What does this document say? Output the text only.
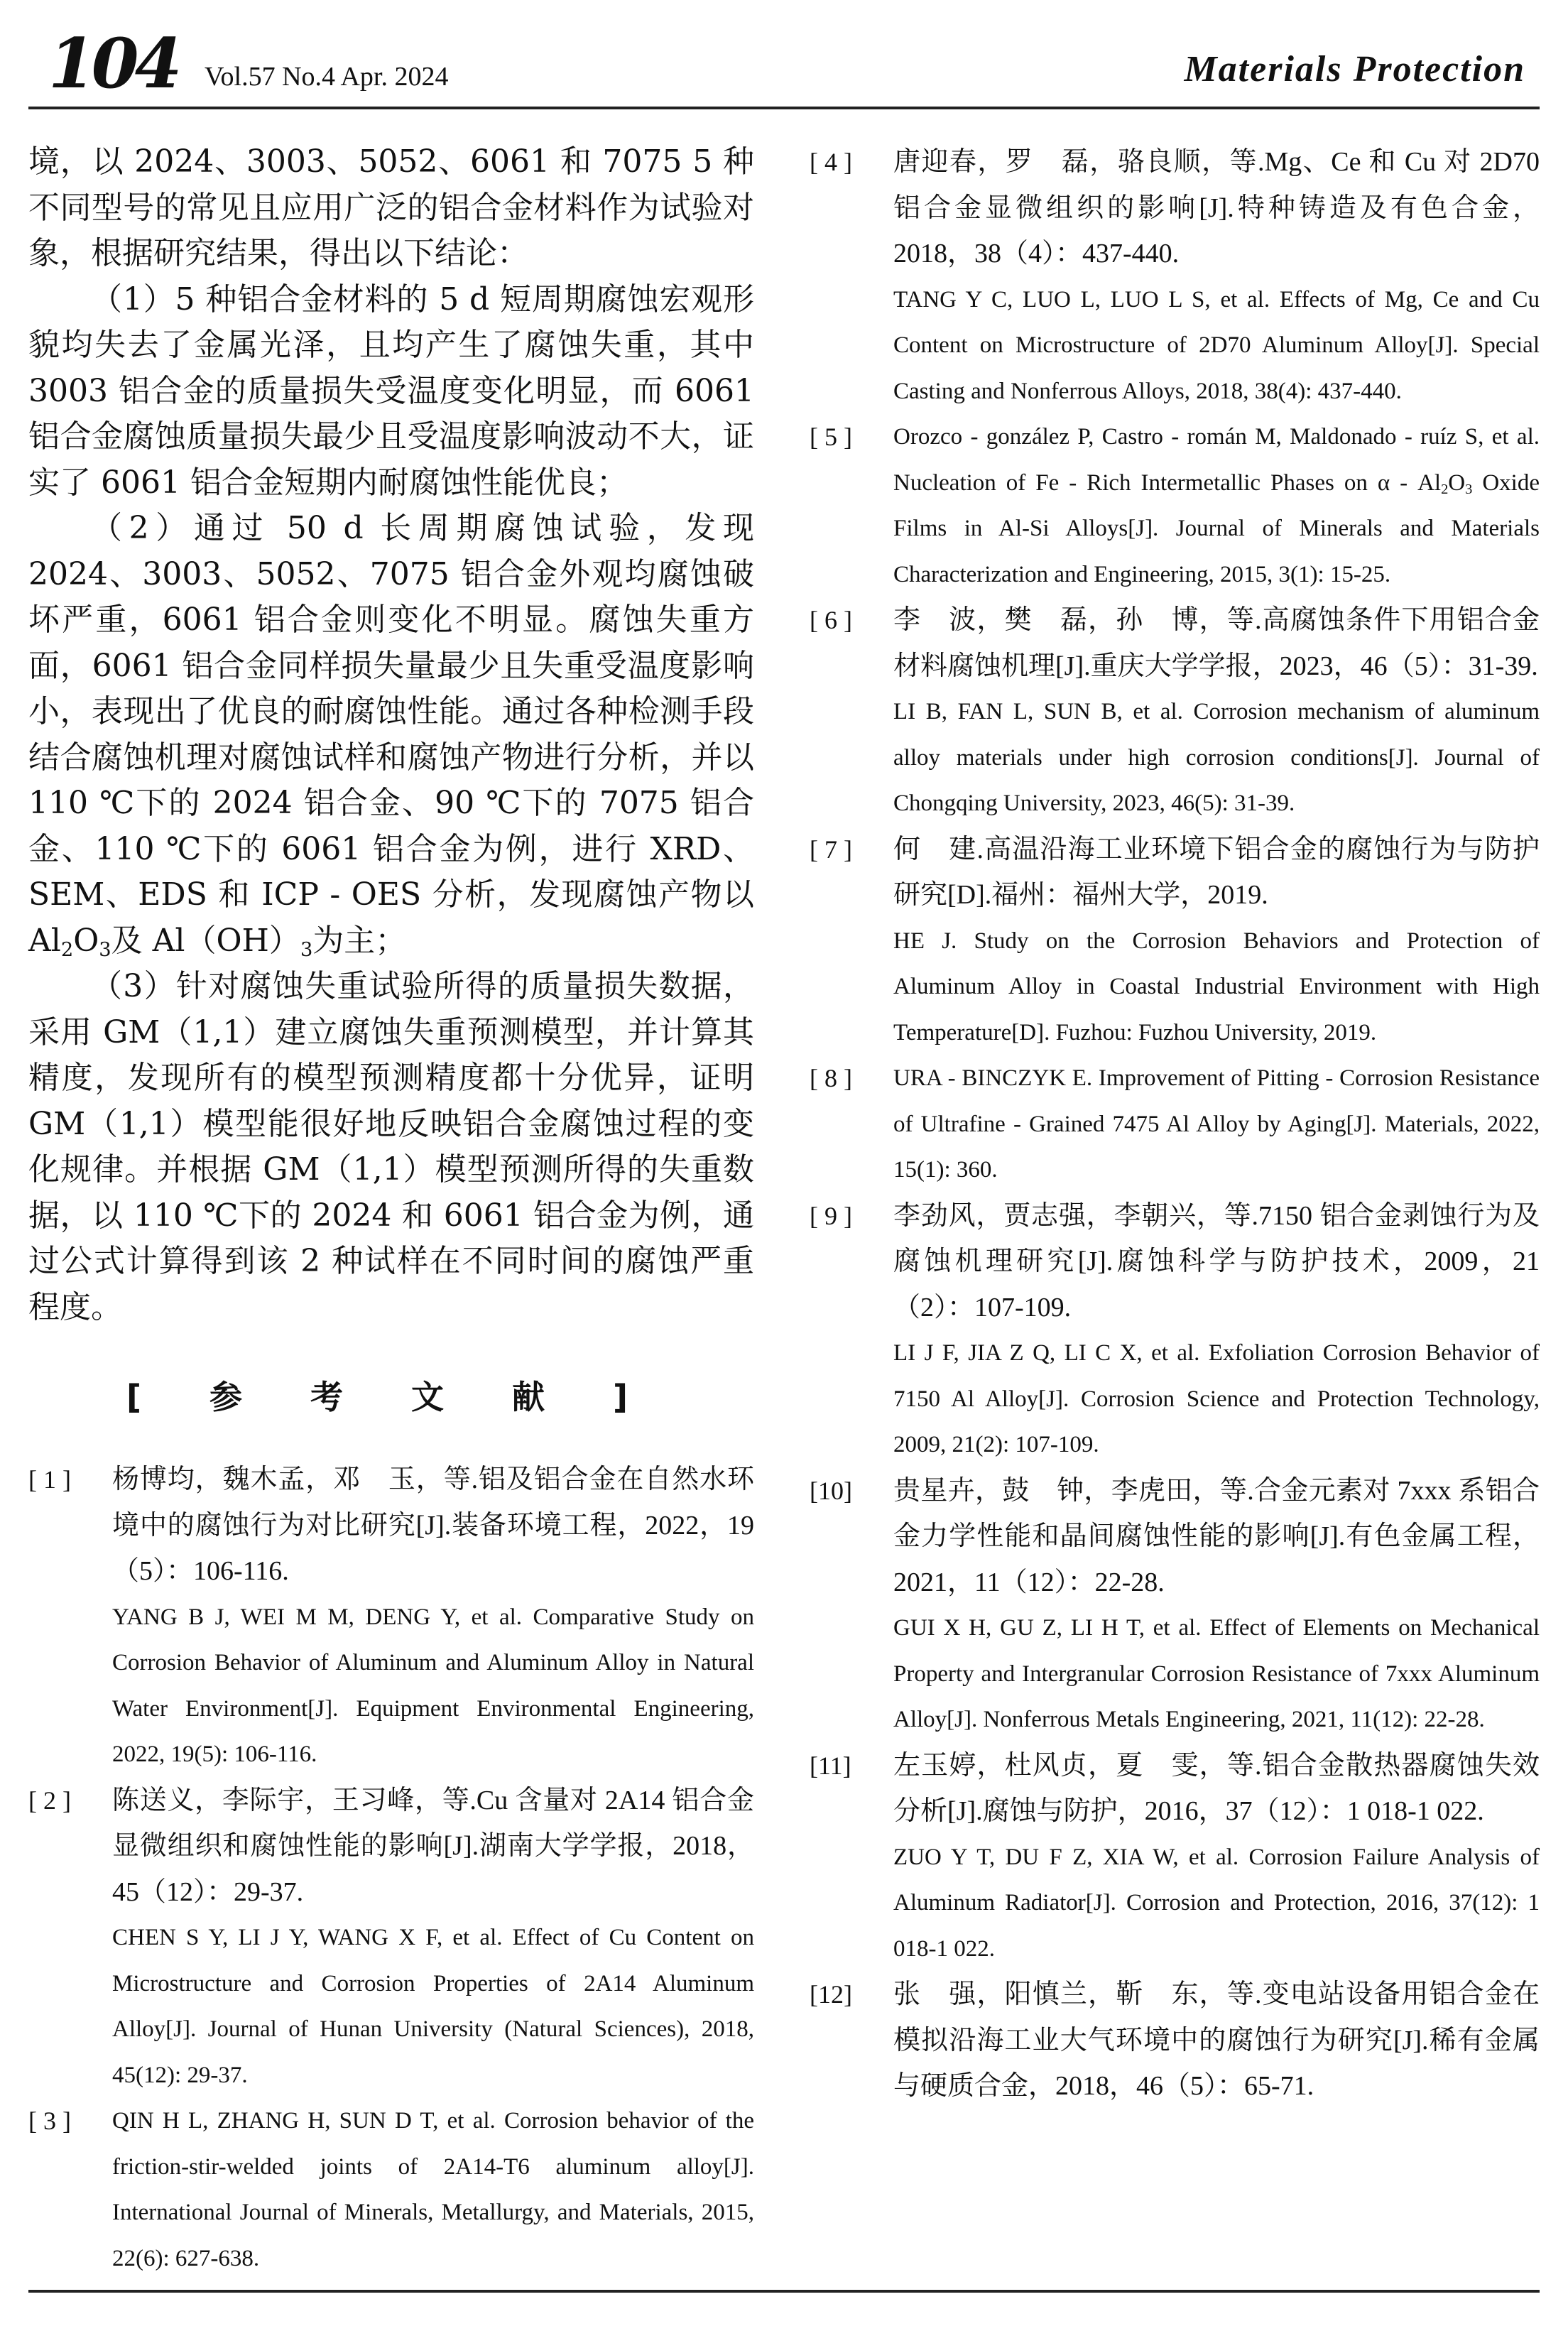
104 Vol.57 No.4 Apr. 2024	Materials Protection

境，以 2024、3003、5052、6061 和 7075 5 种不同型号的常见且应用广泛的铝合金材料作为试验对象，根据研究结果，得出以下结论：

（1）5 种铝合金材料的 5 d 短周期腐蚀宏观形貌均失去了金属光泽，且均产生了腐蚀失重，其中 3003 铝合金的质量损失受温度变化明显，而 6061 铝合金腐蚀质量损失最少且受温度影响波动不大，证实了 6061 铝合金短期内耐腐蚀性能优良；

（2）通过 50 d 长周期腐蚀试验，发现 2024、3003、5052、7075 铝合金外观均腐蚀破坏严重，6061 铝合金则变化不明显。腐蚀失重方面，6061 铝合金同样损失量最少且失重受温度影响小，表现出了优良的耐腐蚀性能。通过各种检测手段结合腐蚀机理对腐蚀试样和腐蚀产物进行分析，并以 110 ℃下的 2024 铝合金、90 ℃下的 7075 铝合金、110 ℃下的 6061 铝合金为例，进行 XRD、SEM、EDS 和 ICP - OES 分析，发现腐蚀产物以 $Al_2O_3$及 $Al(OH)_3$为主；

（3）针对腐蚀失重试验所得的质量损失数据，采用 GM（1,1）建立腐蚀失重预测模型，并计算其精度，发现所有的模型预测精度都十分优异，证明 GM（1,1）模型能很好地反映铝合金腐蚀过程的变化规律。并根据 GM（1,1）模型预测所得的失重数据，以 110 ℃下的 2024 和 6061 铝合金为例，通过公式计算得到该 2 种试样在不同时间的腐蚀严重程度。

[ 参 考 文 献 ]
[ 1 ]	杨博均，魏木孟，邓　玉，等.铝及铝合金在自然水环境中的腐蚀行为对比研究[J].装备环境工程，2022，19（5）：106-116.

YANG B J, WEI M M, DENG Y, et al. Comparative Study on Corrosion Behavior of Aluminum and Aluminum Alloy in Natural Water Environment[J]. Equipment Environmental Engineering, 2022, 19(5): 106-116.

[ 2 ]	陈送义，李际宇，王习峰，等.Cu 含量对 2A14 铝合金显微组织和腐蚀性能的影响[J].湖南大学学报，2018，45（12）：29-37.

CHEN S Y, LI J Y, WANG X F, et al. Effect of Cu Content on Microstructure and Corrosion Properties of 2A14 Aluminum Alloy[J]. Journal of Hunan University (Natural Sciences), 2018, 45(12): 29-37.

[ 3 ]	QIN H L, ZHANG H, SUN D T, et al. Corrosion behavior of the friction-stir-welded joints of 2A14-T6 aluminum alloy[J]. International Journal of Minerals, Metallurgy, and Materials, 2015, 22(6): 627-638.

[ 4 ]	唐迎春，罗　磊，骆良顺，等.Mg、Ce 和 Cu 对 2D70 铝合金显微组织的影响[J].特种铸造及有色合金，2018，38（4）：437-440.

TANG Y C, LUO L, LUO L S, et al. Effects of Mg, Ce and Cu Content on Microstructure of 2D70 Aluminum Alloy[J]. Special Casting and Nonferrous Alloys, 2018, 38(4): 437-440.

[ 5 ]	Orozco - gonzález P, Castro - román M, Maldonado - ruíz S, et al. Nucleation of Fe - Rich Intermetallic Phases on α - $Al_2O_3$ Oxide Films in Al-Si Alloys[J]. Journal of Minerals and Materials Characterization and Engineering, 2015, 3(1): 15-25.

[ 6 ]	李　波，樊　磊，孙　博，等.高腐蚀条件下用铝合金材料腐蚀机理[J].重庆大学学报，2023，46（5）：31-39.

LI B, FAN L, SUN B, et al. Corrosion mechanism of aluminum alloy materials under high corrosion conditions[J]. Journal of Chongqing University, 2023, 46(5): 31-39.

[ 7 ]	何　建.高温沿海工业环境下铝合金的腐蚀行为与防护研究[D].福州：福州大学，2019.

HE J. Study on the Corrosion Behaviors and Protection of Aluminum Alloy in Coastal Industrial Environment with High Temperature[D]. Fuzhou: Fuzhou University, 2019.

[ 8 ]	URA - BINCZYK E. Improvement of Pitting - Corrosion Resistance of Ultrafine - Grained 7475 Al Alloy by Aging[J]. Materials, 2022, 15(1): 360.

[ 9 ]	李劲风，贾志强，李朝兴，等.7150 铝合金剥蚀行为及腐蚀机理研究[J].腐蚀科学与防护技术，2009，21（2）：107-109.

LI J F, JIA Z Q, LI C X, et al. Exfoliation Corrosion Behavior of 7150 Al Alloy[J]. Corrosion Science and Protection Technology, 2009, 21(2): 107-109.

[10]	贵星卉，鼓　钟，李虎田，等.合金元素对 7xxx 系铝合金力学性能和晶间腐蚀性能的影响[J].有色金属工程，2021，11（12）：22-28.

GUI X H, GU Z, LI H T, et al. Effect of Elements on Mechanical Property and Intergranular Corrosion Resistance of 7xxx Aluminum Alloy[J]. Nonferrous Metals Engineering, 2021, 11(12): 22-28.

[11]	左玉婷，杜风贞，夏　雯，等.铝合金散热器腐蚀失效分析[J].腐蚀与防护，2016，37（12）：1 018-1 022.

ZUO Y T, DU F Z, XIA W, et al. Corrosion Failure Analysis of Aluminum Radiator[J]. Corrosion and Protection, 2016, 37(12): 1 018-1 022.

[12]	张　强，阳慎兰，靳　东，等.变电站设备用铝合金在模拟沿海工业大气环境中的腐蚀行为研究[J].稀有金属与硬质合金，2018，46（5）：65-71.
